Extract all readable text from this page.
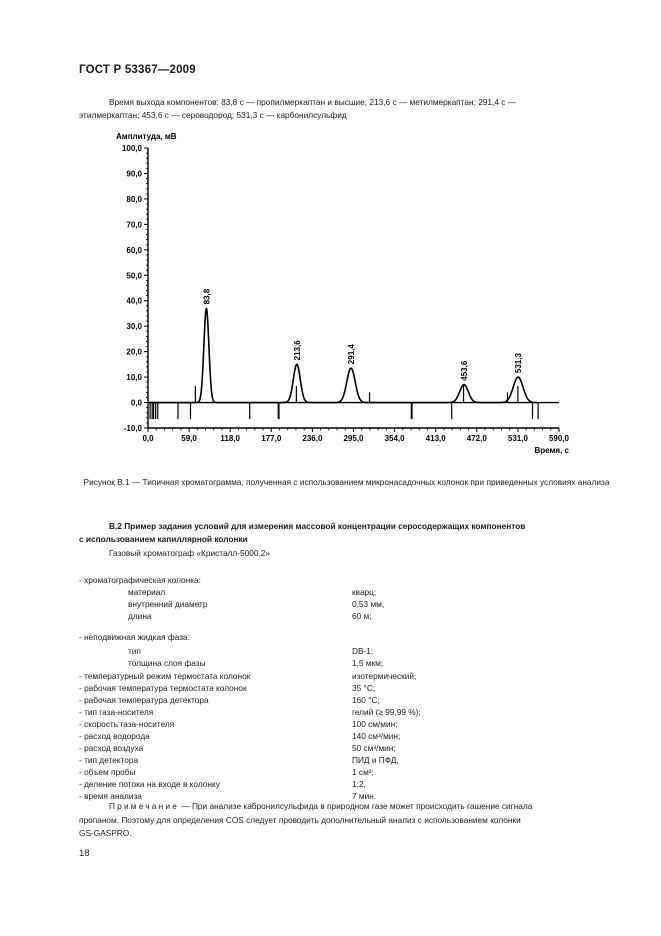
ГОСТ Р 53367—2009
Время выхода компонентов: 83,8 с — пропилмеркаптан и высшие; 213,6 с — метилмеркаптан; 291,4 с —
этилмеркаптан; 453,6 с — сероводород; 531,3 с — карбонилсульфид
100,0
90,0
80,0
70,0
60,0
50,0
40,0
30,0
20,0
10,0
0,0
-10,0
Амплитуда, мВ
0,0	59,0	118,0	177,0	236,0	295,0	354,0	413,0	472,0	531,0	590,0
Время, с
83,8
213,6	291,4
453,6	531,3
Рисунок В.1 — Типичная хроматограмма, полученная с использованием микронасадочных колонок при приведенных условиях анализа
В.2 Пример задания условий для измерения массовой концентрации серосодержащих компонентов
с использованием капиллярной колонки
Газовый хроматограф «Кристалл-5000.2»
- хроматографическая колонка:
материал	кварц;
внутренний диаметр	0,53 мм,
длина	60 м;
- неподвижная жидкая фаза:
тип	DB-1;
толщина слоя фазы	1,5 мкм;
- температурный режим термостата колонок	изотермический;
- рабочая температура термостата колонок	35 °C;
- рабочая температура детектора	160 °C;
- тип газа-носителя	гелий (≥ 99,99 %);
- скорость газа-носителя	100 см/мин;
- расход водорода	140 см³/мин;
- расход воздуха	50 см³/мин;
- тип детектора	ПИД и ПФД,
- объем пробы	1 см³;
- деление потока на входе в колонку	1:2,
- время анализа	7 мин.
Примечание — При анализе кабронилсульфида в природном газе может происходить гашение сигнала
пропаном. Поэтому для определения COS следует проводить дополнительный анализ с использованием колонки
GS-GASPRO.
18
